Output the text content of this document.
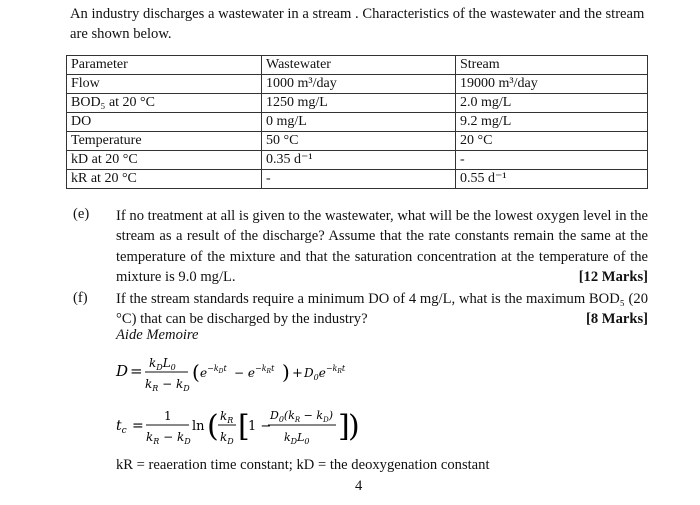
An industry discharges a wastewater in a stream . Characteristics of the wastewater and the stream are shown below.
Parameter	Wastewater	Stream
Flow	1000 m³/day	19000 m³/day
BOD₅ at 20 °C	1250 mg/L	2.0 mg/L
DO	0 mg/L	9.2 mg/L
Temperature	50 °C	20 °C
kD at 20 °C	0.35 d⁻¹	-
kR at 20 °C	-	0.55 d⁻¹
(e) If no treatment at all is given to the wastewater, what will be the lowest oxygen level in the stream as a result of the discharge? Assume that the rate constants remain the same at the temperature of the mixture and that the saturation concentration at the temperature of the mixture is 9.0 mg/L.	[12 Marks]
(f) If the stream standards require a minimum DO of 4 mg/L, what is the maximum BOD₅ (20 °C) that can be discharged by the industry?	[8 Marks]
Aide Memoire
$D = k_DL_0$
$k_R - k_D$
( $e^{-k}Dt - e^{-k}Rt$ ) + $D_0e^{-k}Rt$
$t_c$ =
1
$k_R - k_D$
ln ( $k_R$
$k_D$ [
1 −
$D_0(k_R - k_D)$
$k_DL_0$ ]
)
kR = reaeration time constant; kD = the deoxygenation constant
4
